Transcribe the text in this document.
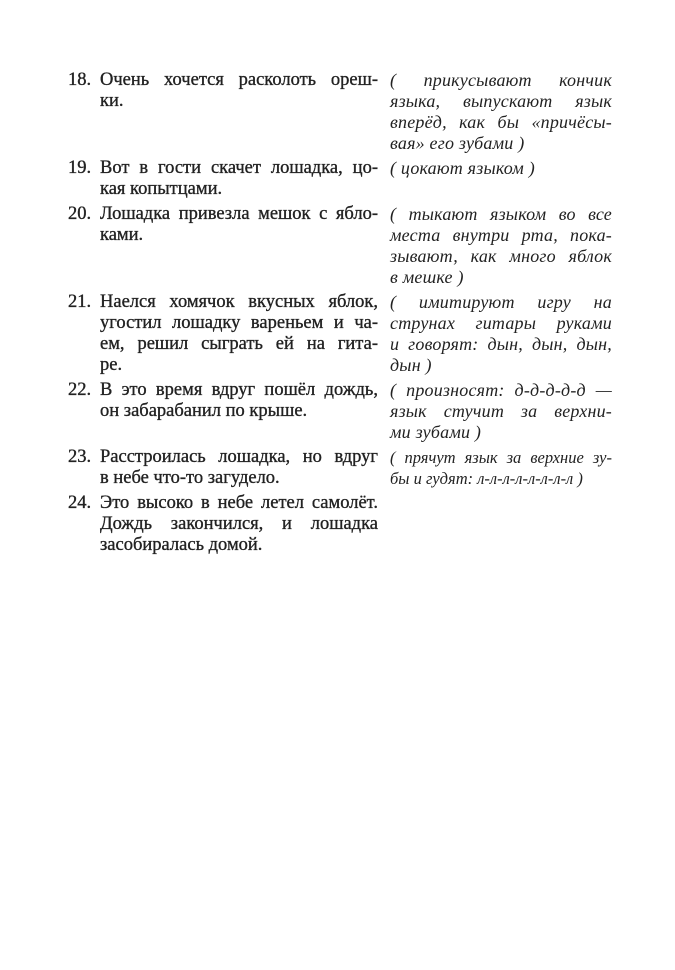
18. Очень хочется расколоть ореш-
ки.
( прикусывают кончик
языка, выпускают язык
вперёд, как бы «причёсы-
вая» его зубами )
19. Вот в гости скачет лошадка, цо-
кая копытцами.
( цокают языком )
20. Лошадка привезла мешок с ябло-
ками.
( тыкают языком во все
места внутри рта, пока-
зывают, как много яблок
в мешке )
21. Наелся хомячок вкусных яблок,
угостил лошадку вареньем и ча-
ем, решил сыграть ей на гита-
ре.
( имитируют игру на
струнах гитары руками
и говорят: дын, дын, дын,
дын )
22. В это время вдруг пошёл дождь,
он забарабанил по крыше.
( произносят: д-д-д-д-д —
язык стучит за верхни-
ми зубами )
23. Расстроилась лошадка, но вдруг
в небе что-то загудело.
( прячут язык за верхние зу-
бы и гудят: л-л-л-л-л-л-л-л )
24. Это высоко в небе летел самолёт.
Дождь закончился, и лошадка
засобиралась домой.
